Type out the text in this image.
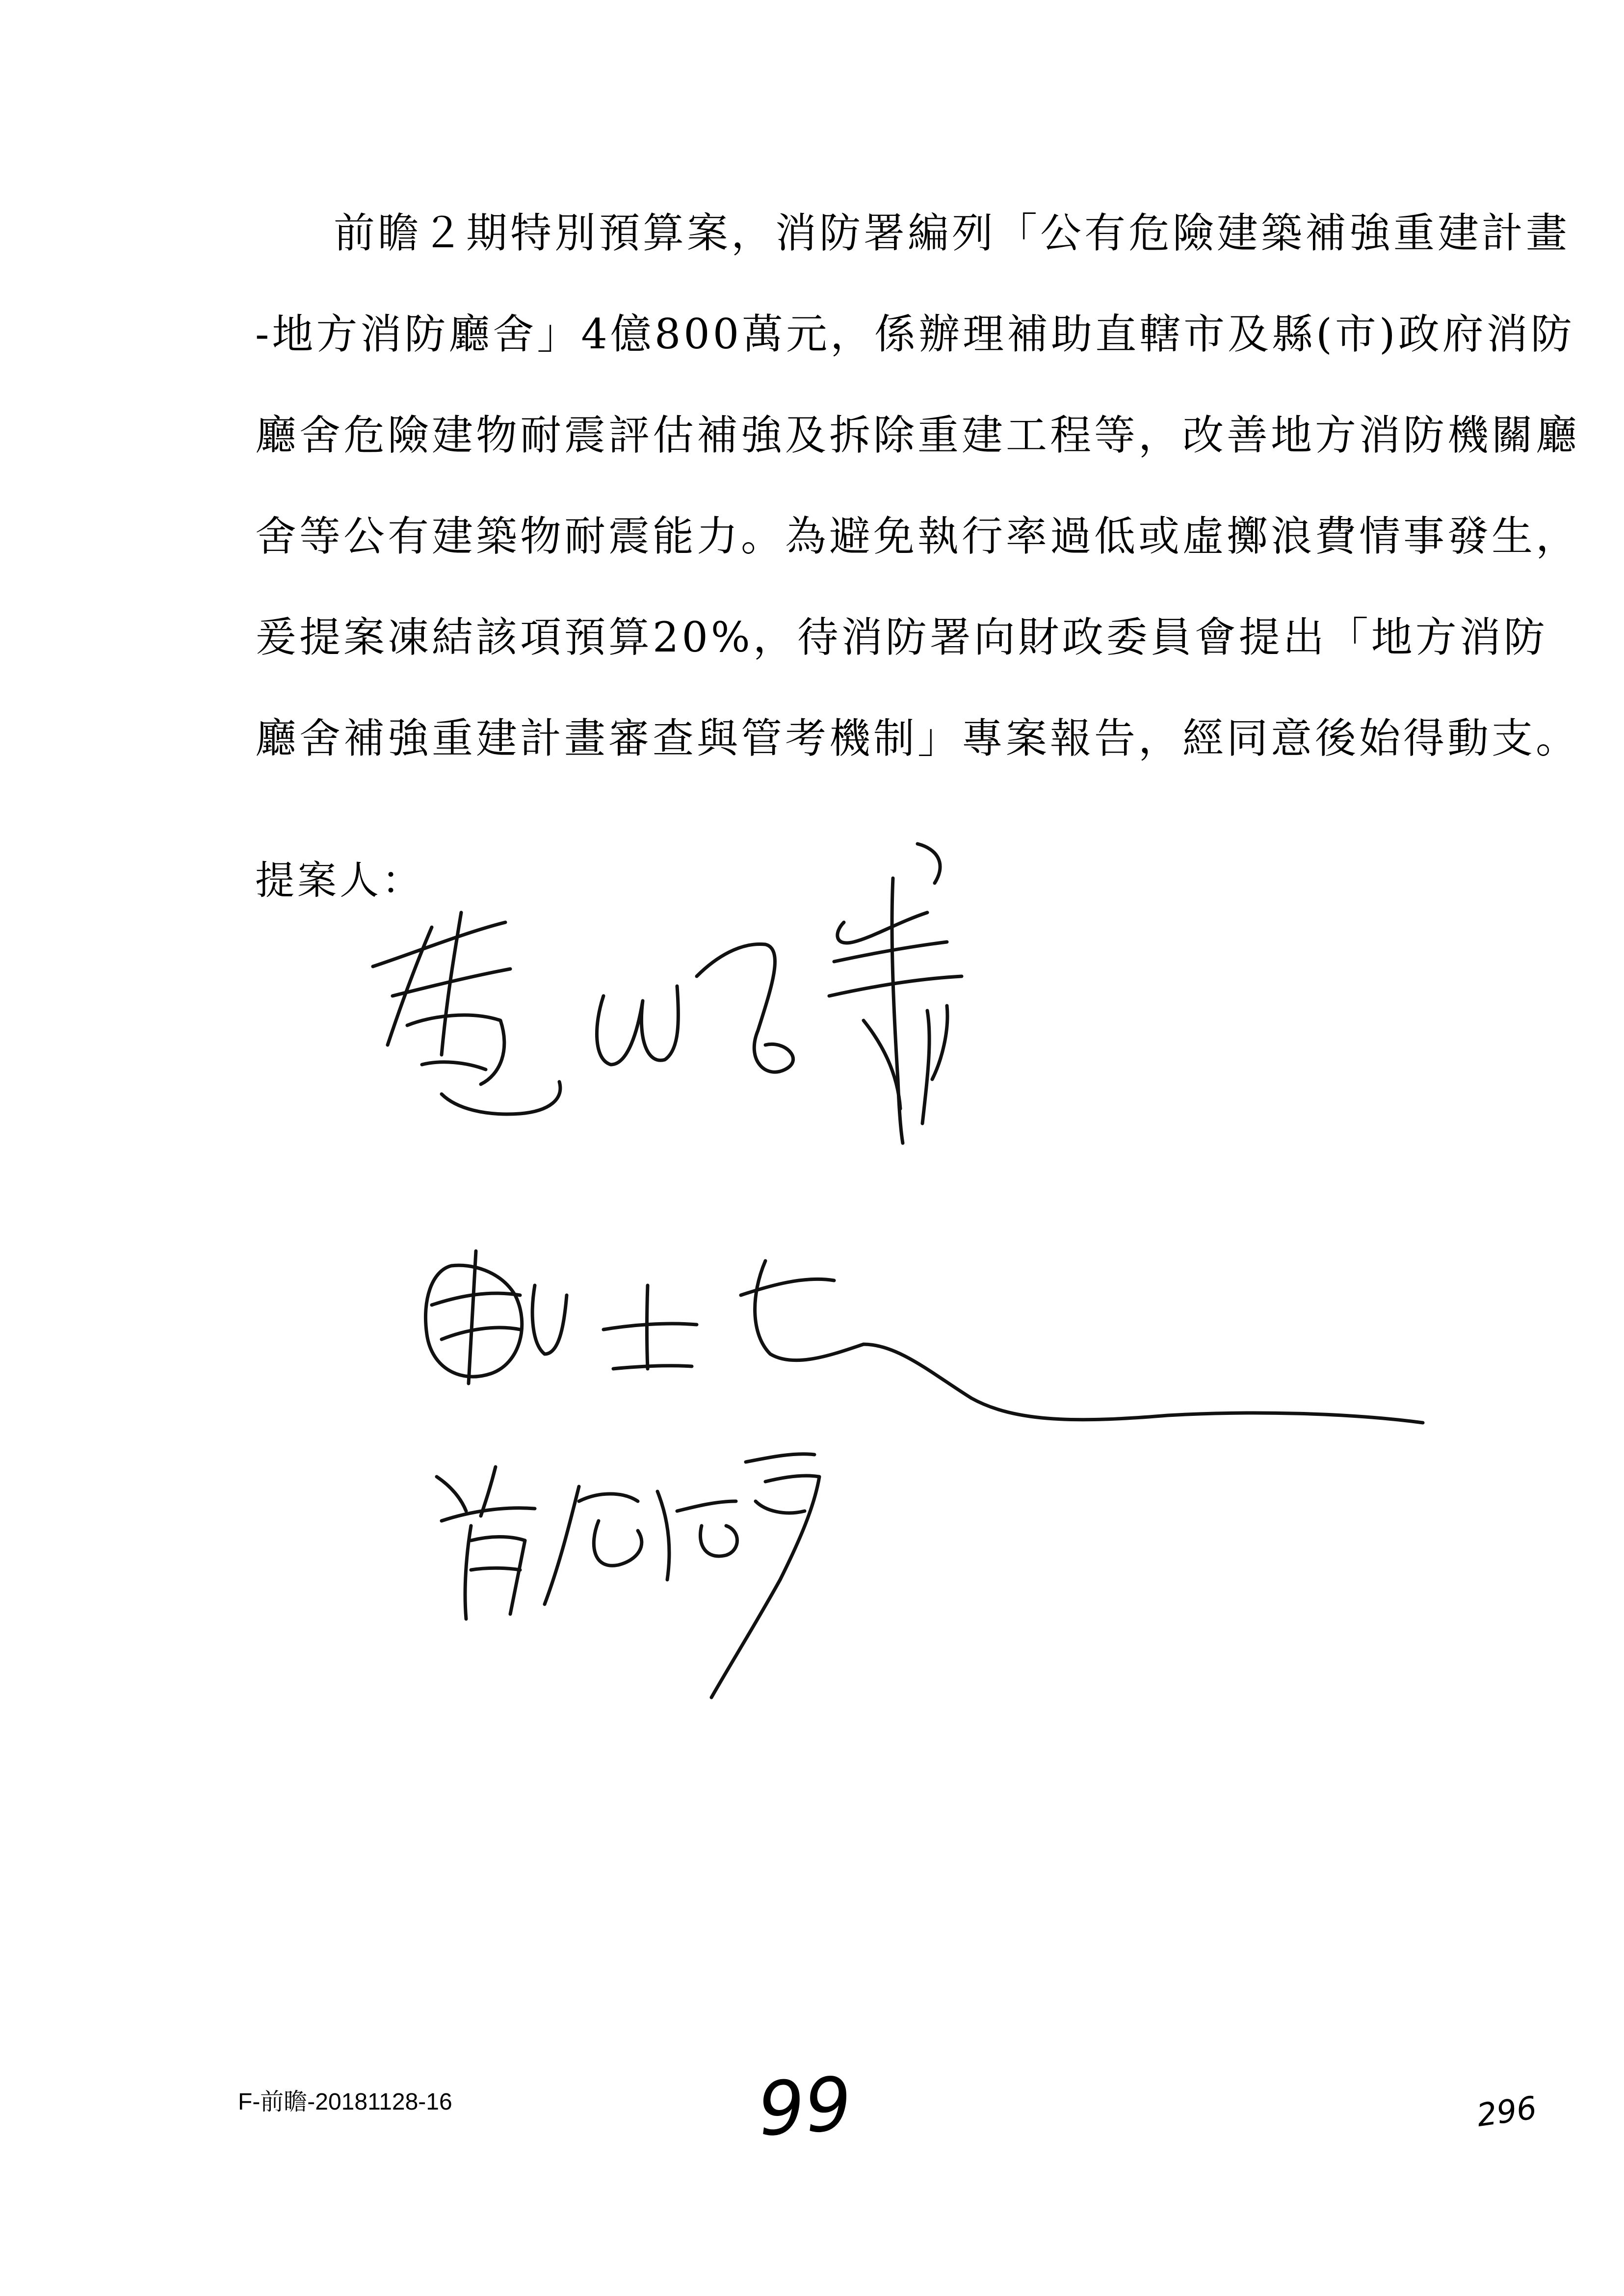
前瞻２期特別預算案，消防署編列「公有危險建築補強重建計畫
-地方消防廳舍」4億800萬元，係辦理補助直轄市及縣(市)政府消防
廳舍危險建物耐震評估補強及拆除重建工程等，改善地方消防機關廳
舍等公有建築物耐震能力。為避免執行率過低或虛擲浪費情事發生，
爰提案凍結該項預算20%，待消防署向財政委員會提出「地方消防
廳舍補強重建計畫審查與管考機制」專案報告，經同意後始得動支。
提案人：
F-前瞻-20181128-16	99	296
